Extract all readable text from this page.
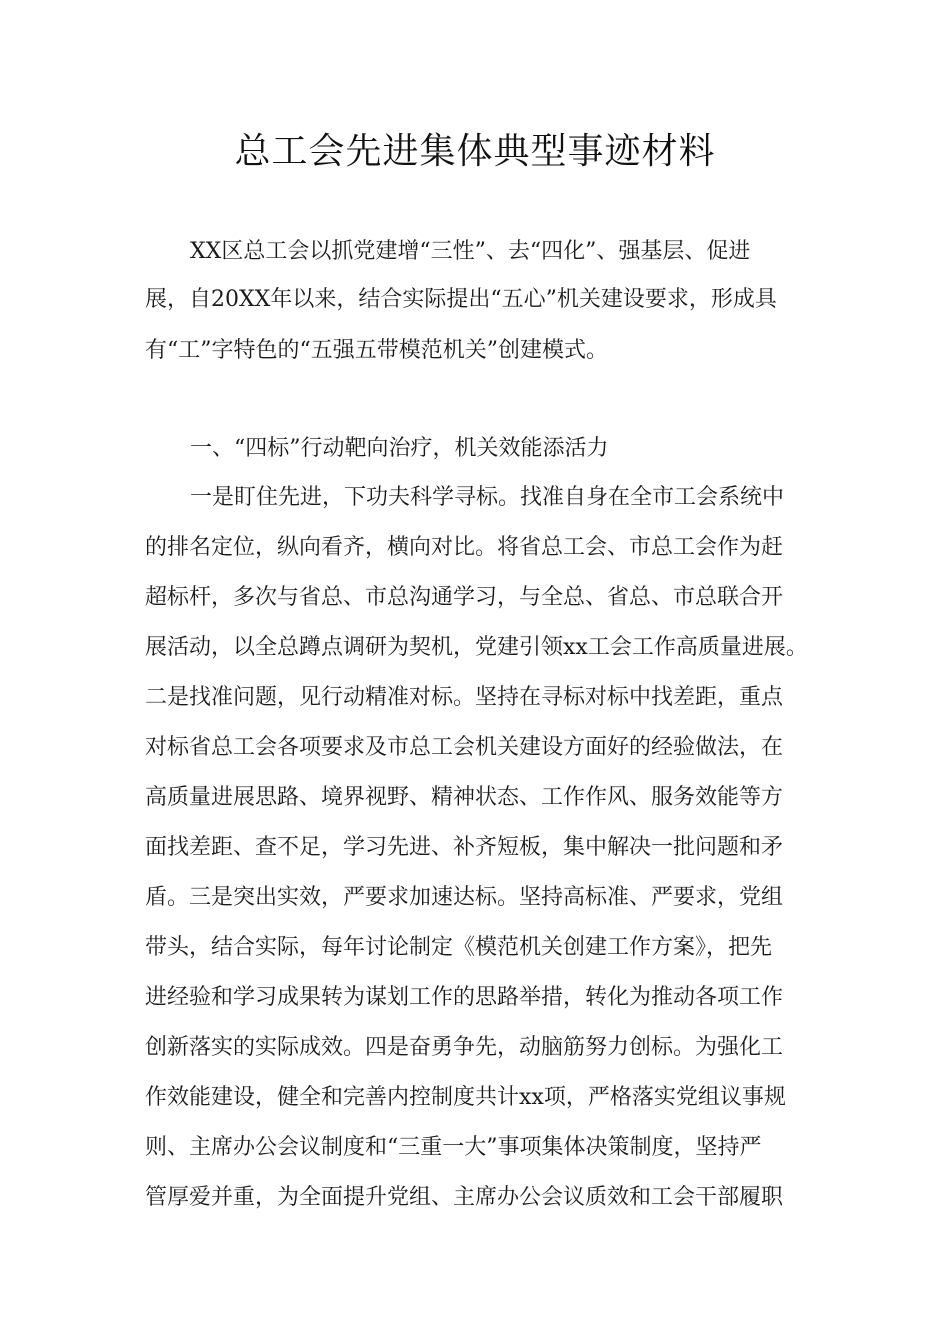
总工会先进集体典型事迹材料
XX区总工会以抓党建增“三性”、去“四化”、强基层、促进
展，自20XX年以来，结合实际提出“五心”机关建设要求，形成具
有“工”字特色的“五强五带模范机关”创建模式。
一、“四标”行动靶向治疗，机关效能添活力
一是盯住先进，下功夫科学寻标。找准自身在全市工会系统中
的排名定位，纵向看齐，横向对比。将省总工会、市总工会作为赶
超标杆，多次与省总、市总沟通学习，与全总、省总、市总联合开
展活动，以全总蹲点调研为契机，党建引领xx工会工作高质量进展。
二是找准问题，见行动精准对标。坚持在寻标对标中找差距，重点
对标省总工会各项要求及市总工会机关建设方面好的经验做法，在
高质量进展思路、境界视野、精神状态、工作作风、服务效能等方
面找差距、查不足，学习先进、补齐短板，集中解决一批问题和矛
盾。三是突出实效，严要求加速达标。坚持高标准、严要求，党组
带头，结合实际，每年讨论制定《模范机关创建工作方案》，把先
进经验和学习成果转为谋划工作的思路举措，转化为推动各项工作
创新落实的实际成效。四是奋勇争先，动脑筋努力创标。为强化工
作效能建设，健全和完善内控制度共计xx项，严格落实党组议事规
则、主席办公会议制度和“三重一大”事项集体决策制度，坚持严
管厚爱并重，为全面提升党组、主席办公会议质效和工会干部履职
